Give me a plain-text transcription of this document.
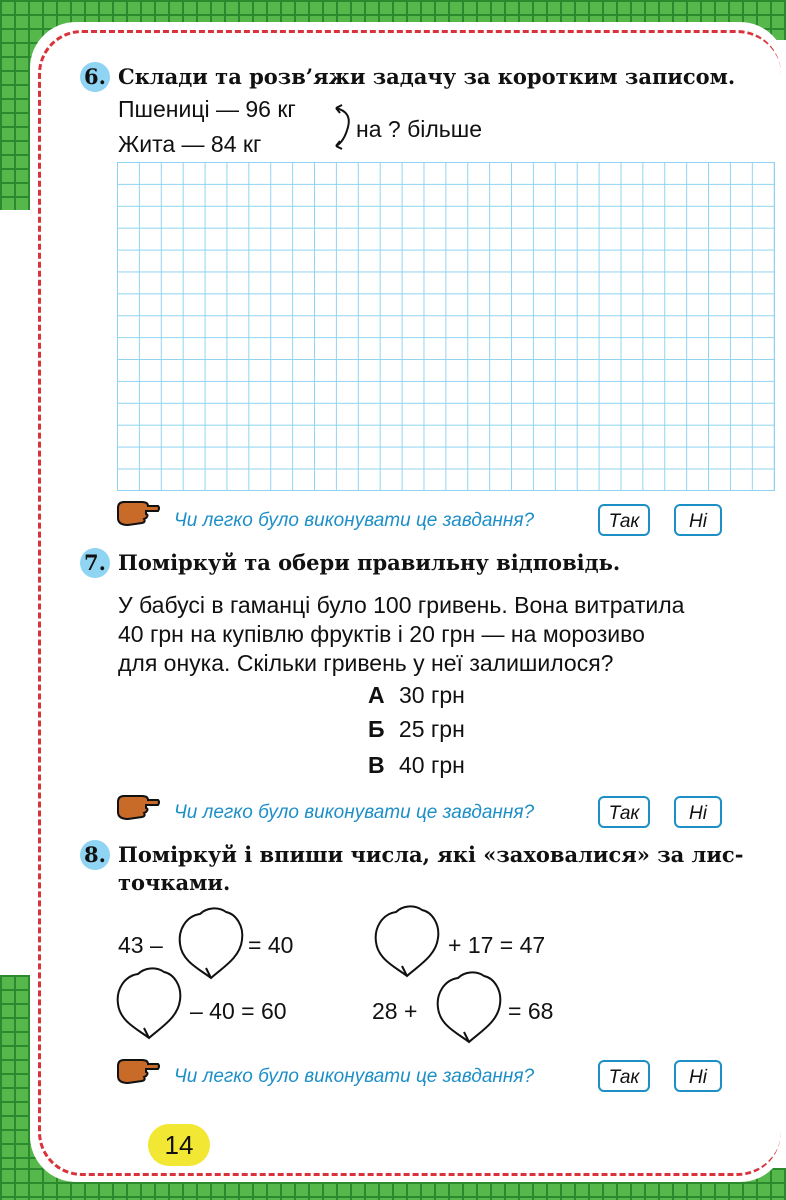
6. Склади та розв’яжи задачу за коротким записом.
Пшениці — 96 кг
Жита — 84 кг
на ? більше
Чи легко було виконувати це завдання?	Так	Ні
7. Поміркуй та обери правильну відповідь.
У бабусі в гаманці було 100 гривень. Вона витратила
40 грн на купівлю фруктів і 20 грн — на морозиво
для онука. Скільки гривень у неї залишилося?
А 30 грн
Б 25 грн
В 40 грн
Чи легко було виконувати це завдання?	Так	Ні
8. Поміркуй і впиши числа, які «заховалися» за лис-
точками.
43 –	= 40	+ 17 = 47
– 40 = 60	28 +	= 68
Чи легко було виконувати це завдання?	Так	Ні
14
